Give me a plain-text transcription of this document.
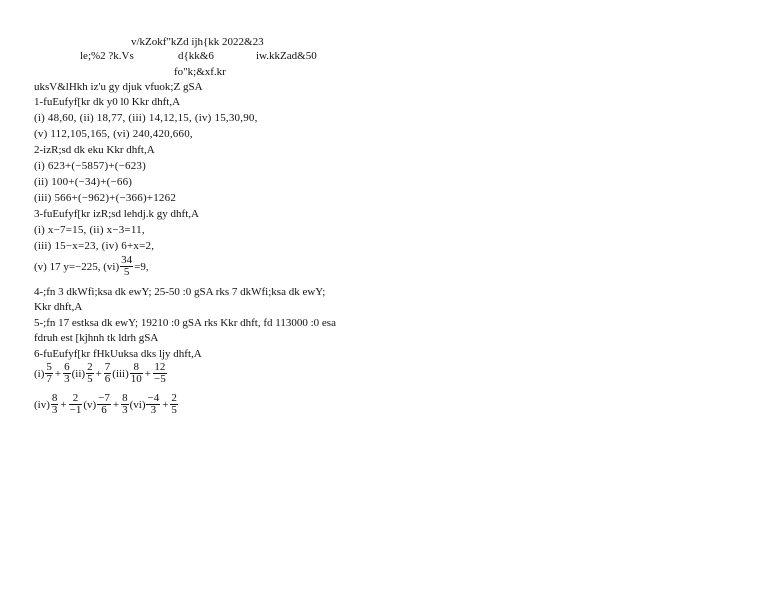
v/kZokf"kZd ijh{kk 2022&23
le;%2 ?k.Vs	d{kk&6	iw.kkZad&50
fo"k;&xf.kr
uksV&lHkh iz'u gy djuk vfuok;Z gSA
1-fuEufyf[kr dk y0 l0 Kkr dhft,A
(i) 48,60, (ii) 18,77, (iii) 14,12,15, (iv) 15,30,90,
(v) 112,105,165, (vi) 240,420,660,
2-izR;sd dk eku Kkr dhft,A
(i) 623+(−5857)+(−623)
(ii) 100+(−34)+(−66)
(iii) 566+(−962)+(−366)+1262
3-fuEufyf[kr izR;sd lehdj.k gy dhft,A
(i) x−7=15, (ii) x−3=11,
(iii) 15−x=23, (iv) 6+x=2,
(v) 17 y=−225, $(vi) \frac{34}{5} =9$,
4-;fn 3 dkWfi;ksa dk ewY; 25-50 :0 gSA rks 7 dkWfi;ksa dk ewY;
Kkr dhft,A
5-;fn 17 estksa dk ewY; 19210 :0 gSA rks Kkr dhft, fd 113000 :0 esa
fdruh est [kjhnh tk ldrh gSA
6-fuEufyf[kr fHkUuksa dks ljy dhft,A
$(i) \frac{5}{7} + \frac{6}{3} (ii) \frac{2}{5} + \frac{7}{6} (iii) \frac{8}{10} + \frac{12}{-5}$
$(iv) \frac{8}{3} + \frac{2}{-1} (v) \frac{-7}{6} + \frac{8}{3} (vi) \frac{-4}{3} + \frac{2}{5}$
